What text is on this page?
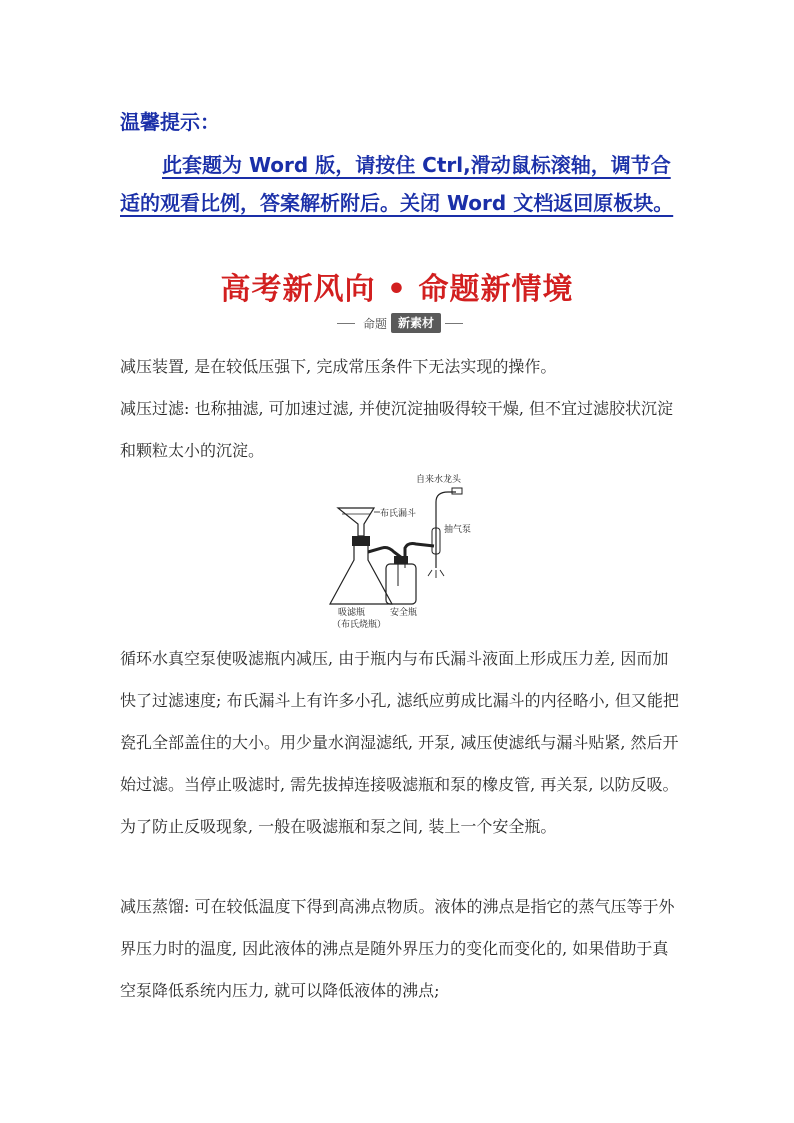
温馨提示：

此套题为 Word 版，请按住 Ctrl,滑动鼠标滚轴，调节合适的观看比例，答案解析附后。关闭 Word 文档返回原板块。

高考新风向 • 命题新情境
命题 新素材

减压装置, 是在较低压强下, 完成常压条件下无法实现的操作。

减压过滤: 也称抽滤, 可加速过滤, 并使沉淀抽吸得较干燥, 但不宜过滤胶状沉淀和颗粒太小的沉淀。

布氏漏斗
安全瓶
抽气泵
自来水龙头
吸滤瓶
（布氏烧瓶）

循环水真空泵使吸滤瓶内减压, 由于瓶内与布氏漏斗液面上形成压力差, 因而加快了过滤速度; 布氏漏斗上有许多小孔, 滤纸应剪成比漏斗的内径略小, 但又能把瓷孔全部盖住的大小。用少量水润湿滤纸, 开泵, 减压使滤纸与漏斗贴紧, 然后开始过滤。当停止吸滤时, 需先拔掉连接吸滤瓶和泵的橡皮管, 再关泵, 以防反吸。为了防止反吸现象, 一般在吸滤瓶和泵之间, 装上一个安全瓶。

减压蒸馏: 可在较低温度下得到高沸点物质。液体的沸点是指它的蒸气压等于外界压力时的温度, 因此液体的沸点是随外界压力的变化而变化的, 如果借助于真空泵降低系统内压力, 就可以降低液体的沸点;
